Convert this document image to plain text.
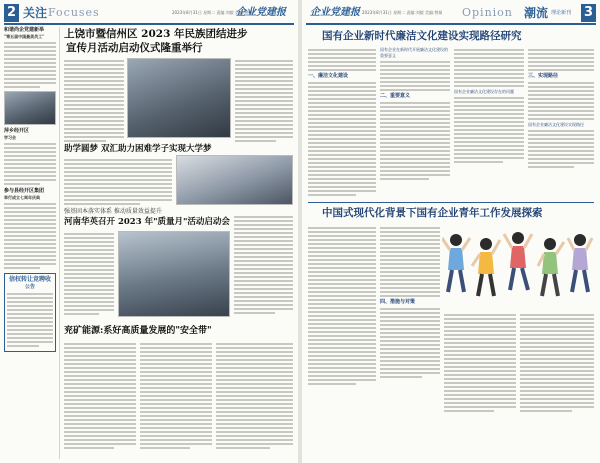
2 关注 Focuses	2023年8月31日 星期二 责编:刘毅 美编:曾娟
企业党建报
和谐尚企党建新举
"第五届中国最美员工"
萍乡经开区
学习会
参与县经开区集团
举行成立七周年庆典
信权转让竞聘收
公告
上饶市暨信州区 2023 年民族团结进步
宣传月活动启动仪式隆重举行
助学圆梦 双汇助力困难学子实现大学梦
强基固本落实体系 推动质量效益提升
河南华英召开 2023 年"质量月"活动启动会
兖矿能源:系好高质量发展的"安全带"
企业党建报 2023年8月31日 星期二 责编:刘毅 美编:曾娟 Opinion 潮流 理论新刊 3
国有企业新时代廉洁文化建设实现路径研究
一、廉洁文化建设
国有企业在新时代开展廉洁文化建设的重要意义
二、重要意义
国有企业廉洁文化建设存在的问题
三、实现路径
国有企业廉洁文化建设实现路径
中国式现代化背景下国有企业青年工作发展探索
四、措施与对策
